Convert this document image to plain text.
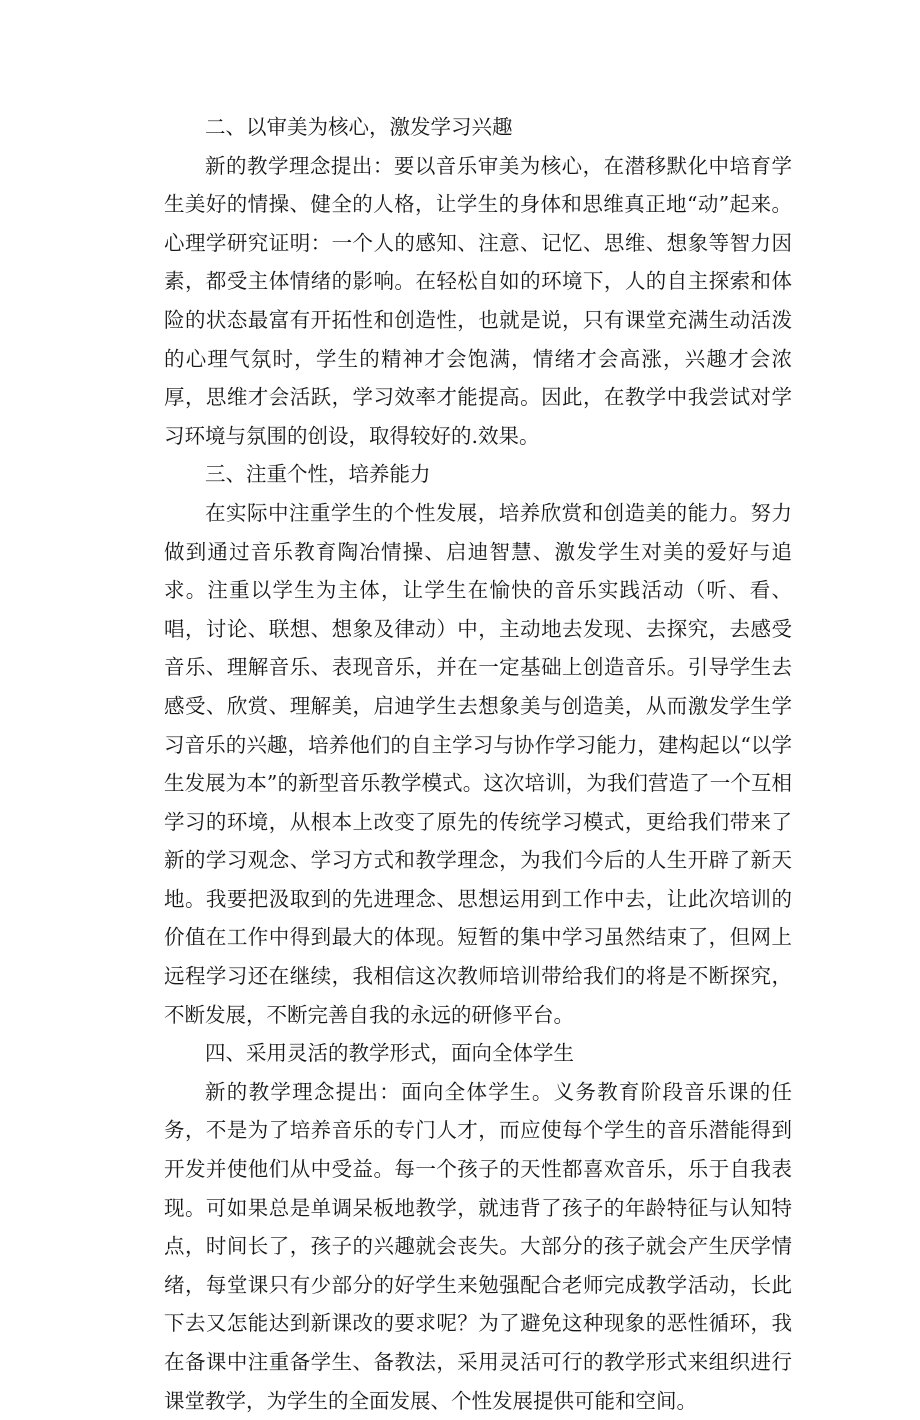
二、以审美为核心，激发学习兴趣

新的教学理念提出：要以音乐审美为核心，在潜移默化中培育学生美好的情操、健全的人格，让学生的身体和思维真正地“动”起来。心理学研究证明：一个人的感知、注意、记忆、思维、想象等智力因素，都受主体情绪的影响。在轻松自如的环境下，人的自主探索和体险的状态最富有开拓性和创造性，也就是说，只有课堂充满生动活泼的心理气氛时，学生的精神才会饱满，情绪才会高涨，兴趣才会浓厚，思维才会活跃，学习效率才能提高。因此，在教学中我尝试对学习环境与氛围的创设，取得较好的.效果。

三、注重个性，培养能力

在实际中注重学生的个性发展，培养欣赏和创造美的能力。努力做到通过音乐教育陶冶情操、启迪智慧、激发学生对美的爱好与追求。注重以学生为主体，让学生在愉快的音乐实践活动（听、看、唱，讨论、联想、想象及律动）中，主动地去发现、去探究，去感受音乐、理解音乐、表现音乐，并在一定基础上创造音乐。引导学生去感受、欣赏、理解美，启迪学生去想象美与创造美，从而激发学生学习音乐的兴趣，培养他们的自主学习与协作学习能力，建构起以“以学生发展为本”的新型音乐教学模式。这次培训，为我们营造了一个互相学习的环境，从根本上改变了原先的传统学习模式，更给我们带来了新的学习观念、学习方式和教学理念，为我们今后的人生开辟了新天地。我要把汲取到的先进理念、思想运用到工作中去，让此次培训的价值在工作中得到最大的体现。短暂的集中学习虽然结束了，但网上远程学习还在继续，我相信这次教师培训带给我们的将是不断探究，不断发展，不断完善自我的永远的研修平台。

四、采用灵活的教学形式，面向全体学生

新的教学理念提出：面向全体学生。义务教育阶段音乐课的任务，不是为了培养音乐的专门人才，而应使每个学生的音乐潜能得到开发并使他们从中受益。每一个孩子的天性都喜欢音乐，乐于自我表现。可如果总是单调呆板地教学，就违背了孩子的年龄特征与认知特点，时间长了，孩子的兴趣就会丧失。大部分的孩子就会产生厌学情绪，每堂课只有少部分的好学生来勉强配合老师完成教学活动，长此下去又怎能达到新课改的要求呢？为了避免这种现象的恶性循环，我在备课中注重备学生、备教法，采用灵活可行的教学形式来组织进行课堂教学，为学生的全面发展、个性发展提供可能和空间。
